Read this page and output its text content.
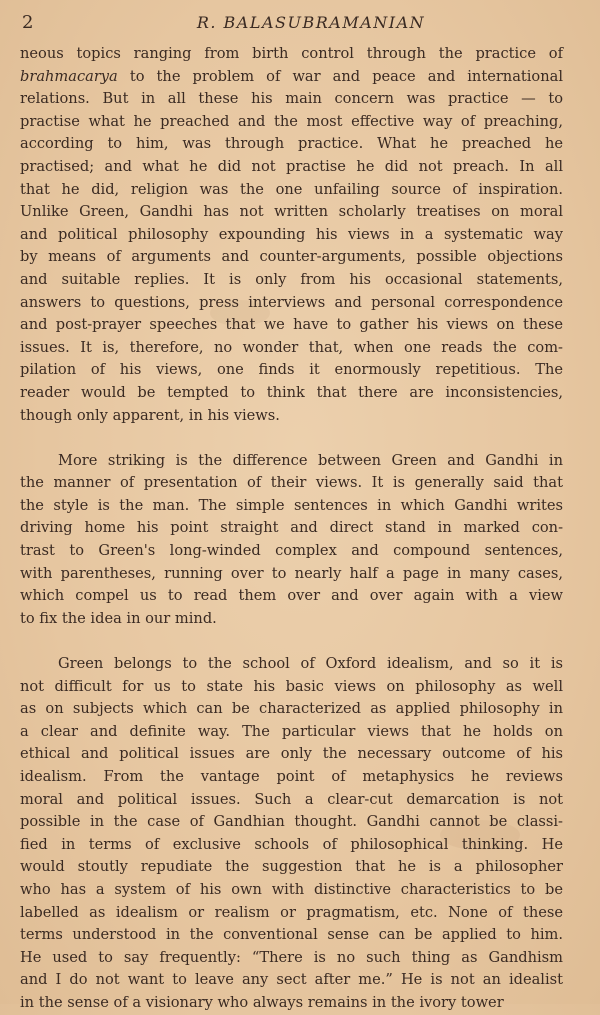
2	R. BALASUBRAMANIAN

neous topics ranging from birth control through the practice of
brahmacarya to the problem of war and peace and international
relations. But in all these his main concern was practice — to
practise what he preached and the most effective way of preaching,
according to him, was through practice. What he preached he
practised; and what he did not practise he did not preach. In all
that he did, religion was the one unfailing source of inspiration.
Unlike Green, Gandhi has not written scholarly treatises on moral
and political philosophy expounding his views in a systematic way
by means of arguments and counter-arguments, possible objections
and suitable replies. It is only from his occasional statements,
answers to questions, press interviews and personal correspondence
and post-prayer speeches that we have to gather his views on these
issues. It is, therefore, no wonder that, when one reads the com-
pilation of his views, one finds it enormously repetitious. The
reader would be tempted to think that there are inconsistencies,
though only apparent, in his views.

More striking is the difference between Green and Gandhi in
the manner of presentation of their views. It is generally said that
the style is the man. The simple sentences in which Gandhi writes
driving home his point straight and direct stand in marked con-
trast to Green's long-winded complex and compound sentences,
with parentheses, running over to nearly half a page in many cases,
which compel us to read them over and over again with a view
to fix the idea in our mind.

Green belongs to the school of Oxford idealism, and so it is
not difficult for us to state his basic views on philosophy as well
as on subjects which can be characterized as applied philosophy in
a clear and definite way. The particular views that he holds on
ethical and political issues are only the necessary outcome of his
idealism. From the vantage point of metaphysics he reviews
moral and political issues. Such a clear-cut demarcation is not
possible in the case of Gandhian thought. Gandhi cannot be classi-
fied in terms of exclusive schools of philosophical thinking. He
would stoutly repudiate the suggestion that he is a philosopher
who has a system of his own with distinctive characteristics to be
labelled as idealism or realism or pragmatism, etc. None of these
terms understood in the conventional sense can be applied to him.
He used to say frequently: “There is no such thing as Gandhism
and I do not want to leave any sect after me.” He is not an idealist
in the sense of a visionary who always remains in the ivory tower
